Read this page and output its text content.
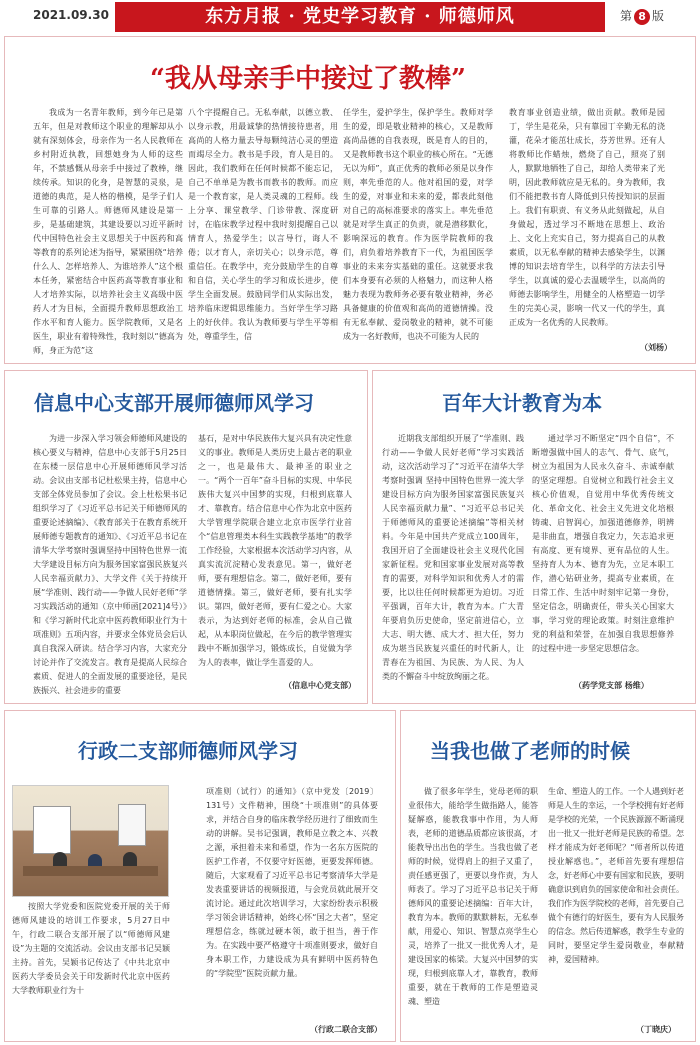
2021.09.30	东方月报 · 党史学习教育 · 师德师风	第 8 版
“我从母亲手中接过了教棒”

我成为一名青年教师，到今年已是第五年，但是对教师这个职业的理解却从小就有深刻体会，母亲作为一名人民教师在乡村附近执教，回想她身为人师的这些年，不禁感慨从母亲手中接过了教棒，继续传承。知识的化身，是智慧的灵泉，是道德的典范，是人格的楷模，是学子们人生可靠的引路人。师德师风建设是第一步，是基础建筑，其建设要以习近平新时代中国特色社会主义思想关于中医药和高等教育的系列论述为指导，紧紧围绕“培养什么人、怎样培养人、为谁培养人”这个根本任务，紧密结合中医药高等教育事业和人才培养实际，以培养社会主义高级中医药人才为目标，全面提升教师思想政治工作水平和育人能力。医学院教师，又是名医生，职业有着特殊性，我时刻以“德高为师，身正为范”这

八个字提醒自己。无私奉献，以德立教、以身示教，用最诚挚的热情接待患者，用高尚的人格力量去导每颗纯洁心灵的塑造而竭尽全力。教书是手段，育人是目的。因此，我们教师在任何时候都不能忘记，自己不单单是为教书而教书的教师。而应是一个教育家，是人类灵魂的工程师。线上分享、课堂教学、门诊带教、深度研讨，在临床教学过程中我时刻提醒自己以情育人，热爱学生；以言导行，诲人不倦；以才育人，亲切关心；以身示范，尊重信任。在教学中，充分鼓励学生的自尊和自信，关心学生的学习和成长进步，使学生全面发展。鼓励同学们从实际出发，培养临床逻辑思维能力。当好学生学习路上的好伙伴。我认为教师要与学生平等相处，尊重学生，信

任学生，爱护学生，保护学生。教师对学生的爱，即是敬业精神的核心，又是教师高尚品德的自我表现，既是育人的目的，又是教师教书这个职业的核心所在。“无德无以为师”，真正优秀的教师必须是以身作则，率先垂范的人。他对祖国的爱，对学生的爱，对事业和未来的爱，都表此刻他对自己的高标准要求的落实上。率先垂范就是对学生真正的负责，就是潜移默化，影响深远的教育。作为医学院教师的我们，肩负着培养教育下一代，为祖国医学事业的未来夯实基础的重任。这就要求我们本身要有必须的人格魅力，而这种人格魅力表现为教师务必要有敬业精神，务必具备健康的价值观和高尚的道德情操。没有无私奉献、爱岗敬业的精神，就不可能成为一名好教师，也决不可能为人民的

教育事业创造业绩，做出贡献。教师是园丁，学生是花朵，只有靠园丁辛勤无私的浇灌，花朵才能茁壮成长，芬芳世界。还有人将教师比作蜡烛，燃烧了自己，照亮了别人，默默地牺牲了自己，却给人类带来了光明，因此教师就应是无私的。身为教师，我们不能把教书育人降低到只传授知识的层面上。我们有职责、有义务从此刻做起，从自身做起，透过学习不断地在思想上、政治上、文化上充实自己，努力提高自己的从教素质，以无私奉献的精神去感染学生，以渊博的知识去培育学生，以科学的方法去引导学生，以真诚的爱心去温暖学生，以高尚的师德去影响学生，用健全的人格塑造一切学生的完美心灵，影响一代又一代的学生，真正成为一名优秀的人民教师。

（刘杨）
信息中心支部开展师德师风学习

为进一步深入学习领会师德师风建设的核心要义与精神，信息中心支部于5月25日在东楼一层信息中心开展师德师风学习活动。会议由支部书记杜松果主持，信息中心支部全体党员参加了会议。会上杜松果书记组织学习了《习近平总书记关于师德师风的重要论述摘编》、《教育部关于在教育系统开展师德专题教育的通知》、《习近平总书记在清华大学考察时强调坚持中国特色世界一流大学建设目标方向为服务国家富强民族复兴人民幸福贡献力》、大学文件《关于持续开展“学准则、践行动——争做人民好老师”学习实践活动的通知（京中师函[2021]4号）》和《学习新时代北京中医药教师职业行为十项准则》五项内容，并要求全体党员会后认真自我深入研读。结合学习内容，大家充分讨论并作了交流发言。教育是提高人民综合素质、促进人的全面发展的重要途径，是民族振兴、社会进步的重要

基石，是对中华民族伟大复兴具有决定性意义的事业。教师是人类历史上最古老的职业之一，也是最伟大、最神圣的职业之一。“两个一百年”奋斗目标的实现、中华民族伟大复兴中国梦的实现，归根到底靠人才、靠教育。结合信息中心作为北京中医药大学管理学院联合建立北京市医学行业首个“信息管理类本科生实践教学基地”的教学工作经验，大家根据本次活动学习内容，从真实流沉淀精心发表意见。第一，做好老师，要有理想信念。第二，做好老师，要有道德情操。第三，做好老师，要有扎实学识。第四，做好老师，要有仁爱之心。大家表示，为达到好老师的标准，会从自己做起，从本职岗位做起，在今后的教学管理实践中不断加强学习，锻炼成长，自觉做为学为人的表率，做让学生喜爱的人。

（信息中心党支部）
百年大计教育为本

近期我支部组织开展了“学准则、践行动——争做人民好老师”学习实践活动，这次活动学习了“习近平在清华大学考察时强调 坚持中国特色世界一流大学建设目标方向为服务国家富强民族复兴人民幸福贡献力量”、“习近平总书记关于师德师风的重要论述摘编”等相关材料。今年是中国共产党成立100周年，我国开启了全面建设社会主义现代化国家新征程。党和国家事业发展对高等教育的需要，对科学知识和优秀人才的需要，比以往任何时候都更为迫切。习近平强调，百年大计，教育为本。广大青年要肩负历史使命，坚定前进信心，立大志、明大德、成大才、担大任，努力成为堪当民族复兴重任的时代新人，让青春在为祖国、为民族、为人民、为人类的不懈奋斗中绽放绚丽之花。

通过学习不断坚定“四个自信”，不断增强做中国人的志气、骨气、底气，树立为祖国为人民永久奋斗、赤诚奉献的坚定理想。自觉树立和践行社会主义核心价值观，自觉用中华优秀传统文化、革命文化、社会主义先进文化培根铸魂、启智润心，加强道德修养，明辨是非曲直，增强自我定力，矢志追求更有高度、更有境界、更有品位的人生。坚持育人为本、德育为先，立足本职工作，潜心钻研业务，提高专业素质，在日常工作、生活中时刻牢记第一身份，坚定信念，明确责任，带头关心国家大事，学习党的理论政策。时刻注意维护党的利益和荣誉，在加强自我思想修养的过程中进一步坚定思想信念。

（药学党支部 杨维）
行政二支部师德师风学习

按照大学党委和医院党委开展的关于师德师风建设的培训工作要求，5月27日中午，行政二联合支部开展了以“师德师风建设”为主题的交流活动。会议由支部书记吴颖主持。首先，吴颖书记传达了《中共北京中医药大学委员会关于印发新时代北京中医药大学教师职业行为十

项准则（试行）的通知》（京中党发〔2019〕131号）文件精神，围绕“十项准则”的具体要求，并结合自身的临床教学经历进行了细致而生动的讲解。吴书记强调，教师是立教之本、兴教之源，承担着未来和希望，作为一名东方医院的医护工作者，不仅要守好医德，更要发挥师德。随后，大家观看了习近平总书记考察清华大学是发表重要讲话的视频报道，与会党员就此展开交流讨论。通过此次培训学习，大家纷纷表示积极学习领会讲话精神，始终心怀“国之大者”，坚定理想信念，练就过硬本领，敢于担当，善于作为。在实践中要严格遵守十项准则要求，做好自身本职工作，力建设成为具有鲜明中医药特色的“学院型”医院贡献力量。

（行政二联合支部）
当我也做了老师的时候

做了很多年学生，党母老师的职业很伟大，能给学生做指路人，能答疑解惑，能教我事中作用，为人师表，老师的道德品质都应该很高，才能教导出出色的学生。当我也做了老师的时候，觉得肩上的担子又重了，责任感更强了，更要以身作责，为人师表了。学习了习近平总书记关于师德师风的重要论述摘编：百年大计，教育为本。教师的默默耕耘，无私奉献，用爱心、知识、智慧点亮学生心灵，培养了一批又一批优秀人才，是建设国家的栋梁。大复兴中国梦的实现，归根到底靠人才，靠教育，教师重要，就在于教师的工作是塑造灵魂、塑造

生命、塑造人的工作。一个人遇到好老师是人生的幸运，一个学校拥有好老师是学校的光荣，一个民族源源不断涌现出一批又一批好老师是民族的希望。怎样才能成为好老师呢？“师者所以传道授业解惑也。”，老师首先要有理想信念，好老师心中要有国家和民族，要明确意识到肩负的国家使命和社会责任。我们作为医学院校的老师，首先要自己做个有德行的好医生，要有为人民服务的信念。然后传道解惑，教学生专业的同时，要坚定学生爱岗敬业，奉献精神，爱国精神。

（丁晓庆）
